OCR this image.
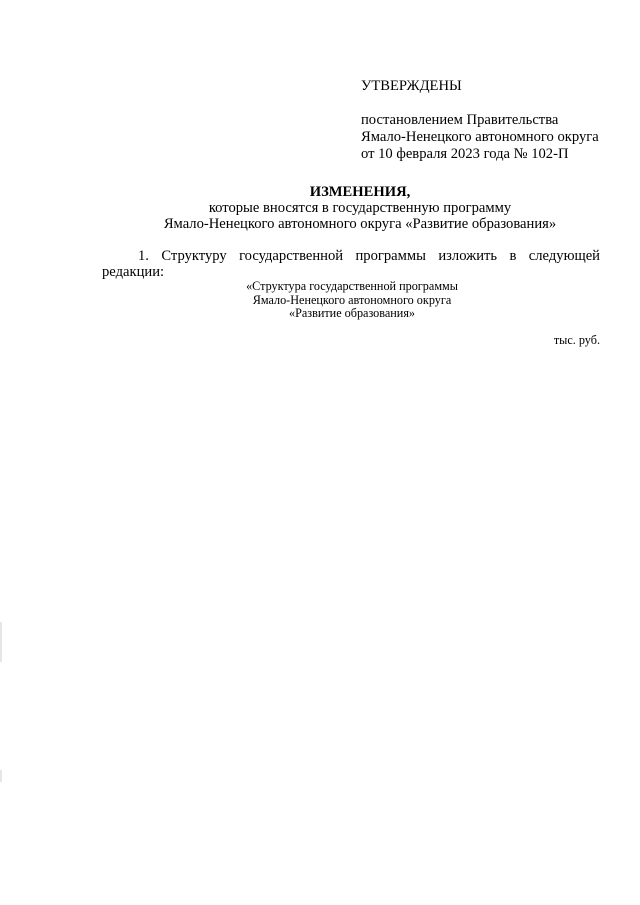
УТВЕРЖДЕНЫ
постановлением Правительства
Ямало-Ненецкого автономного округа
от 10 февраля 2023 года № 102-П
ИЗМЕНЕНИЯ,
которые вносятся в государственную программу
Ямало-Ненецкого автономного округа «Развитие образования»
1. Структуру государственной программы изложить в следующей
редакции:
«Структура государственной программы
Ямало-Ненецкого автономного округа
«Развитие образования»
тыс. руб.
